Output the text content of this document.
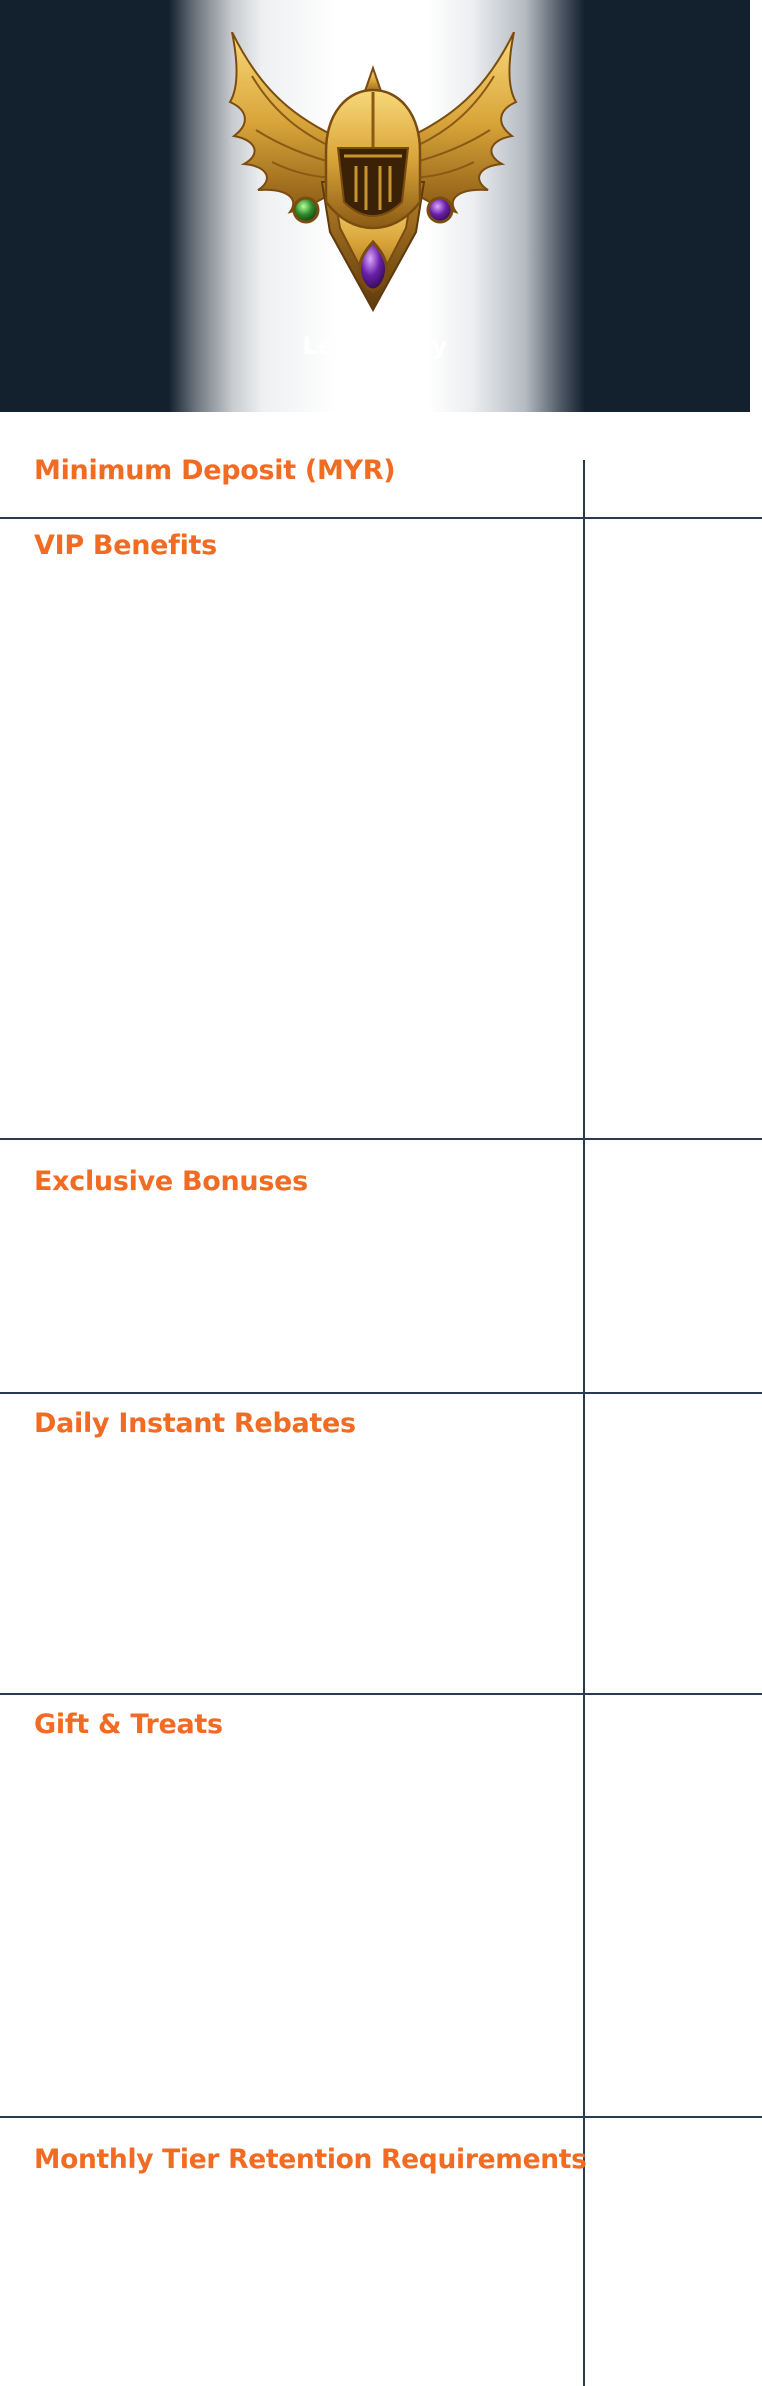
Legendary
Minimum Deposit (MYR)
VIP Benefits
Exclusive Bonuses
Daily Instant Rebates
Gift & Treats
Monthly Tier Retention Requirements
